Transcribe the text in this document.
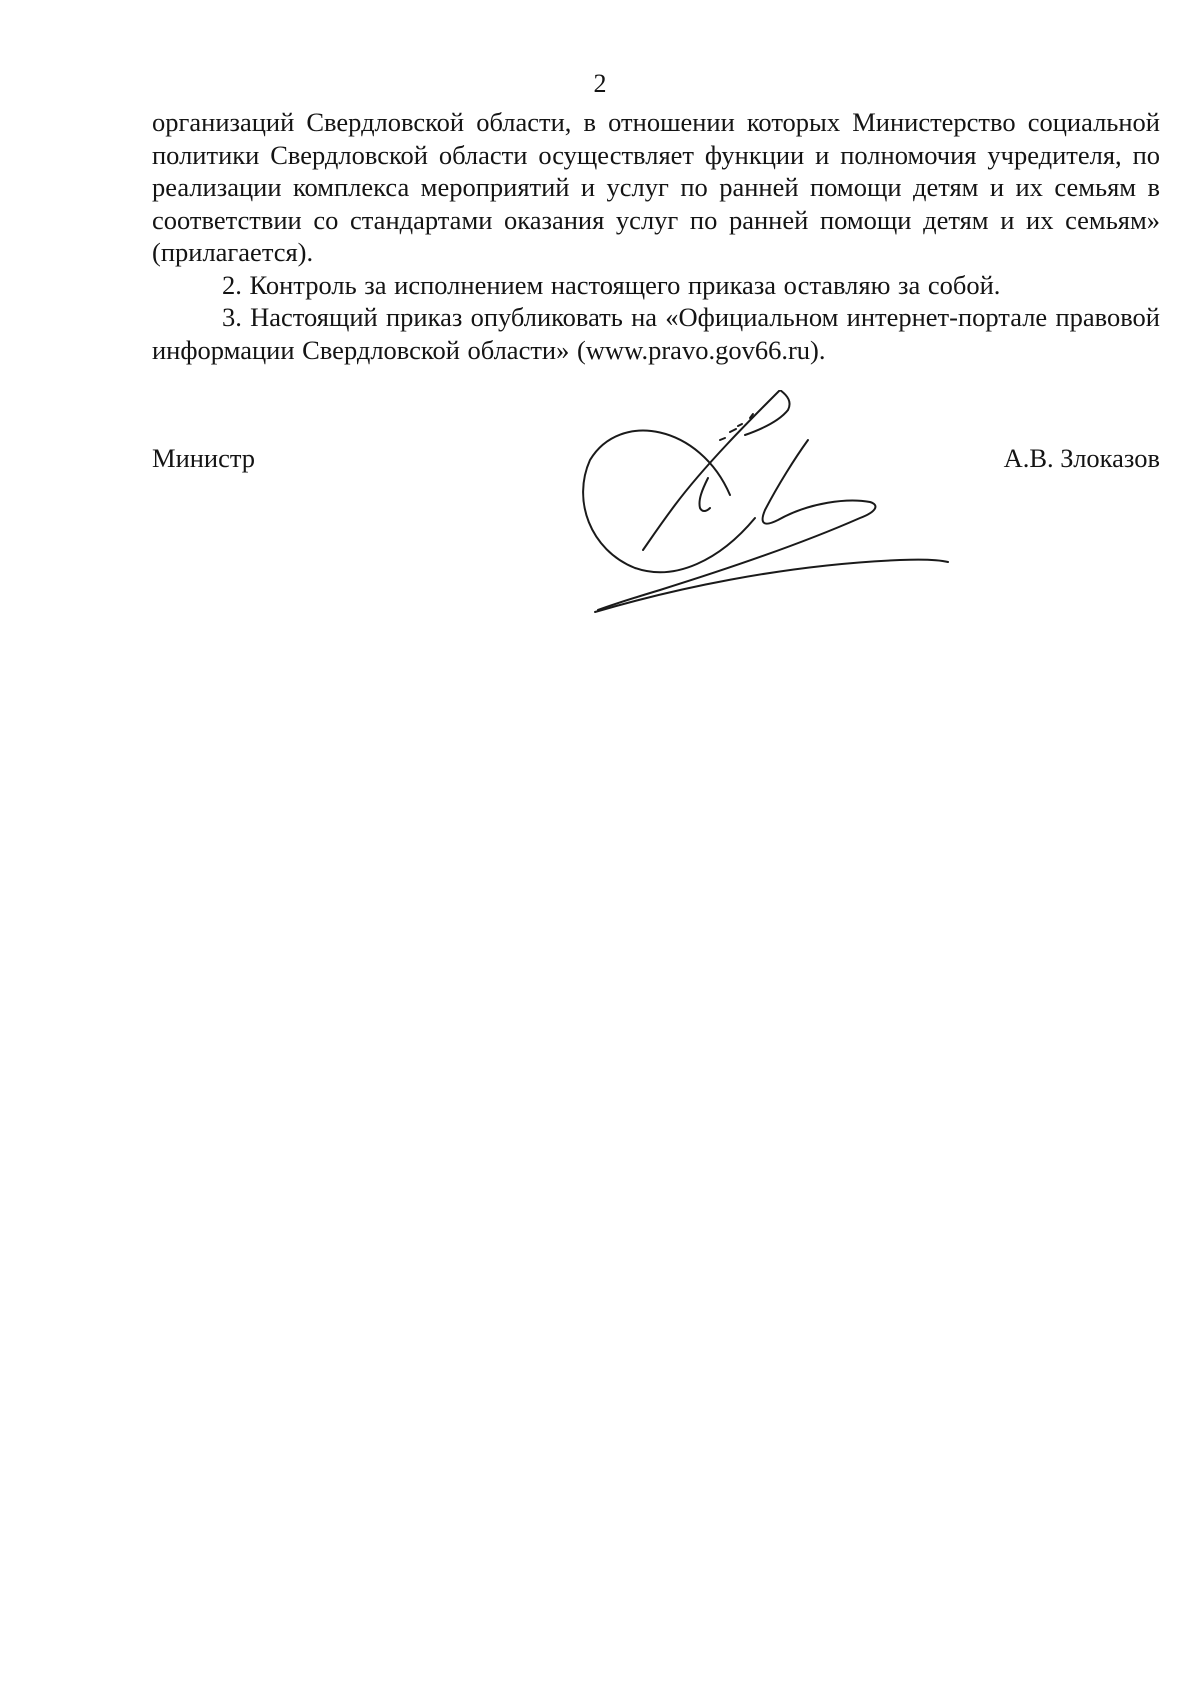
2

организаций Свердловской области, в отношении которых Министерство социальной политики Свердловской области осуществляет функции и полномочия учредителя, по реализации комплекса мероприятий и услуг по ранней помощи детям и их семьям в соответствии со стандартами оказания услуг по ранней помощи детям и их семьям» (прилагается).

2. Контроль за исполнением настоящего приказа оставляю за собой.

3. Настоящий приказ опубликовать на «Официальном интернет-портале правовой информации Свердловской области» (www.pravo.gov66.ru).

Министр	А.В. Злоказов
